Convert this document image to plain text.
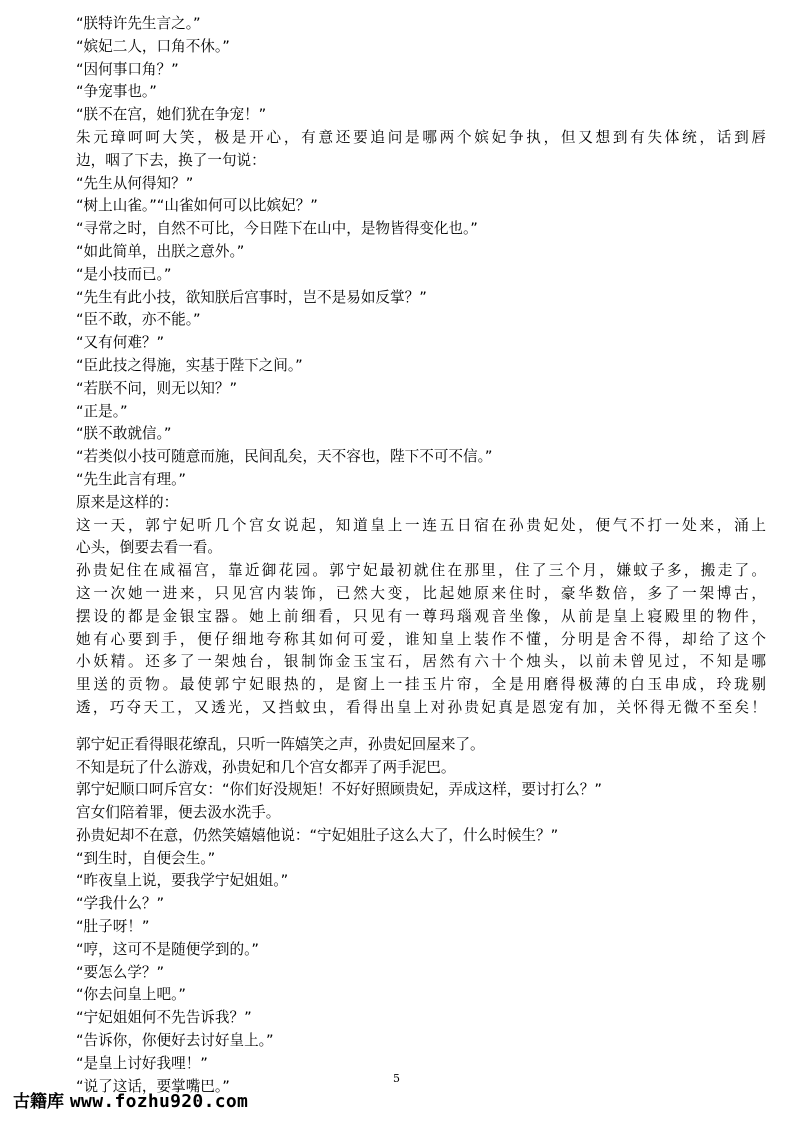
“朕特许先生言之。”
“嫔妃二人，口角不休。”
“因何事口角？”
“争宠事也。”
“朕不在宫，她们犹在争宠！”
朱元璋呵呵大笑，极是开心，有意还要追问是哪两个嫔妃争执，但又想到有失体统，话到唇
边，咽了下去，换了一句说：
“先生从何得知？”
“树上山雀。”“山雀如何可以比嫔妃？”
“寻常之时，自然不可比，今日陛下在山中，是物皆得变化也。”
“如此简单，出朕之意外。”
“是小技而已。”
“先生有此小技，欲知朕后宫事时，岂不是易如反掌？”
“臣不敢，亦不能。”
“又有何难？”
“臣此技之得施，实基于陛下之间。”
“若朕不问，则无以知？”
“正是。”
“朕不敢就信。”
“若类似小技可随意而施，民间乱矣，天不容也，陛下不可不信。”
“先生此言有理。”
原来是这样的：
这一天，郭宁妃听几个宫女说起，知道皇上一连五日宿在孙贵妃处，便气不打一处来，涌上
心头，倒要去看一看。
孙贵妃住在咸福宫，靠近御花园。郭宁妃最初就住在那里，住了三个月，嫌蚊子多，搬走了。
这一次她一进来，只见宫内装饰，已然大变，比起她原来住时，豪华数倍，多了一架博古，
摆设的都是金银宝器。她上前细看，只见有一尊玛瑙观音坐像，从前是皇上寝殿里的物件，
她有心要到手，便仔细地夸称其如何可爱，谁知皇上装作不懂，分明是舍不得，却给了这个
小妖精。还多了一架烛台，银制饰金玉宝石，居然有六十个烛头，以前未曾见过，不知是哪
里送的贡物。最使郭宁妃眼热的，是窗上一挂玉片帘，全是用磨得极薄的白玉串成，玲珑剔
透，巧夺天工，又透光，又挡蚊虫，看得出皇上对孙贵妃真是恩宠有加，关怀得无微不至矣！
郭宁妃正看得眼花缭乱，只听一阵嬉笑之声，孙贵妃回屋来了。
不知是玩了什么游戏，孙贵妃和几个宫女都弄了两手泥巴。
郭宁妃顺口呵斥宫女：“你们好没规矩！不好好照顾贵妃，弄成这样，要讨打么？”
宫女们陪着罪，便去汲水洗手。
孙贵妃却不在意，仍然笑嬉嬉他说：“宁妃姐肚子这么大了，什么时候生？”
“到生时，自便会生。”
“昨夜皇上说，要我学宁妃姐姐。”
“学我什么？”
“肚子呀！”
“哼，这可不是随便学到的。”
“要怎么学？”
“你去问皇上吧。”
“宁妃姐姐何不先告诉我？”
“告诉你，你便好去讨好皇上。”
“是皇上讨好我哩！”
“说了这话，要掌嘴巴。”	5
古籍库 www.fozhu920.com
